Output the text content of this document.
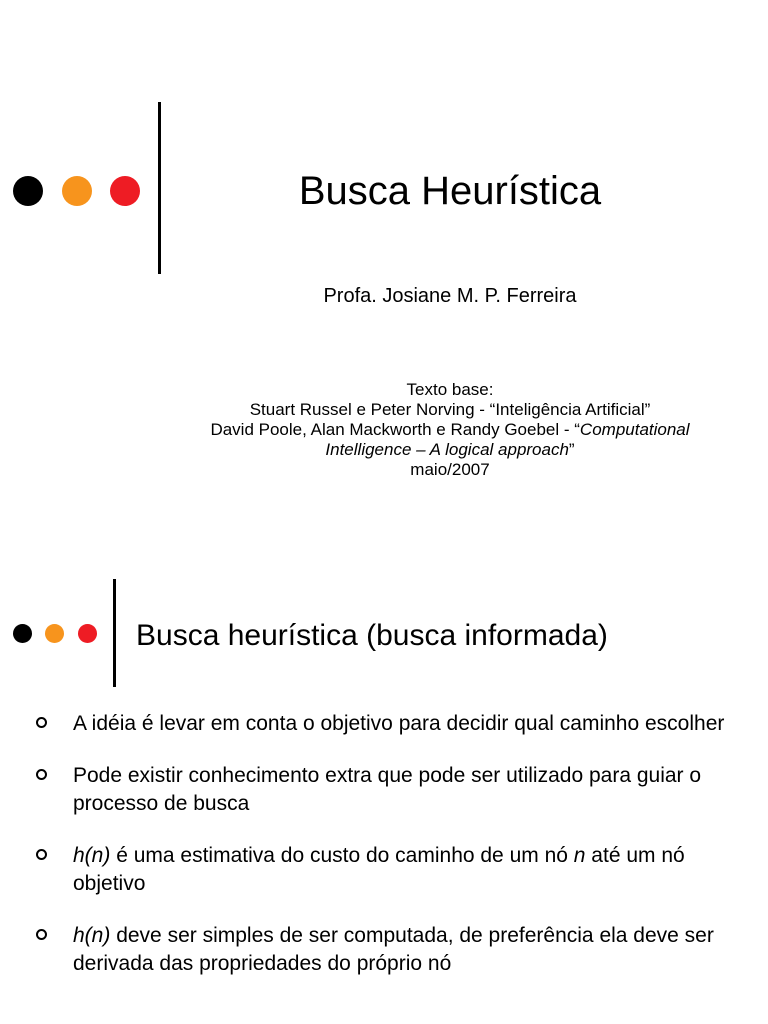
Busca Heurística
Profa. Josiane M. P. Ferreira
Texto base:
Stuart Russel e Peter Norving - “Inteligência Artificial”
David Poole, Alan Mackworth e Randy Goebel - “Computational Intelligence – A logical approach”
maio/2007
Busca heurística (busca informada)
A idéia é levar em conta o objetivo para decidir qual caminho escolher
Pode existir conhecimento extra que pode ser utilizado para guiar o processo de busca
h(n) é uma estimativa do custo do caminho de um nó n até um nó objetivo
h(n) deve ser simples de ser computada, de preferência ela deve ser derivada das propriedades do próprio nó
